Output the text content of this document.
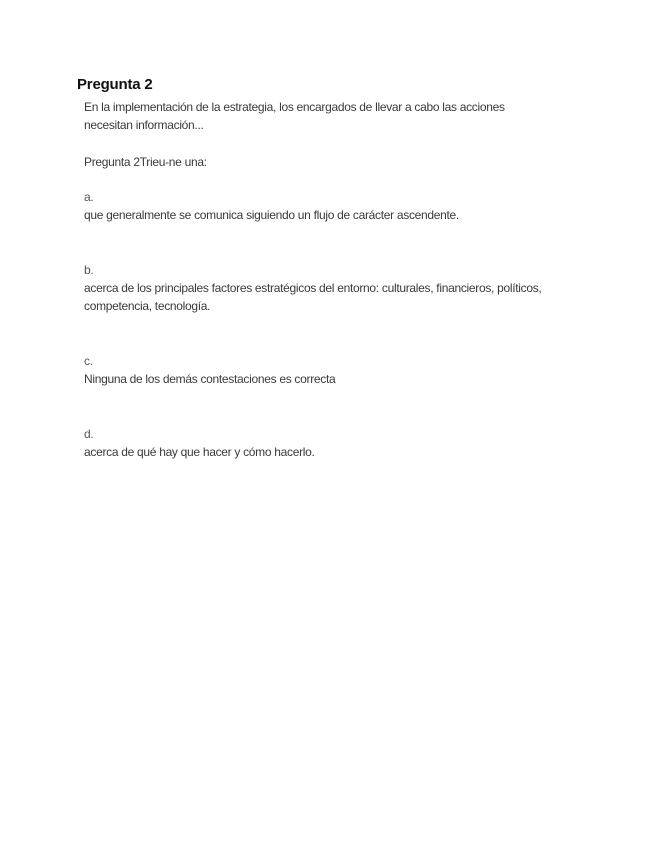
Pregunta 2
En la implementación de la estrategia, los encargados de llevar a cabo las acciones necesitan información...
Pregunta 2Trieu-ne una:
a.
que generalmente se comunica siguiendo un flujo de carácter ascendente.
b.
acerca de los principales factores estratégicos del entorno: culturales, financieros, políticos, competencia, tecnología.
c.
Ninguna de los demás contestaciones es correcta
d.
acerca de qué hay que hacer y cómo hacerlo.
